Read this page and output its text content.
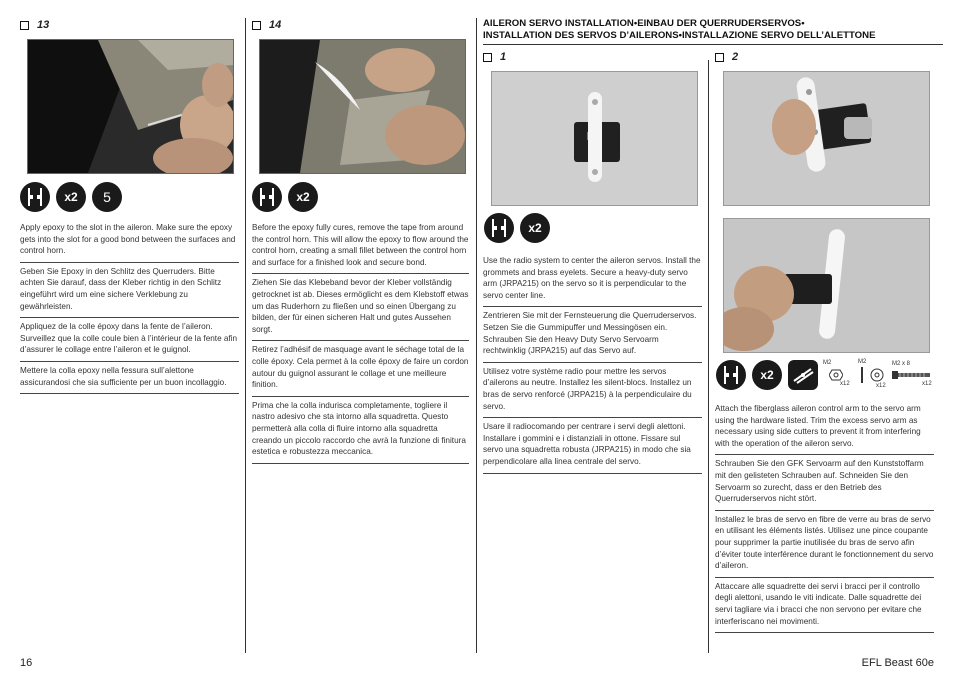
13
x2	5
Apply epoxy to the slot in the aileron. Make sure the epoxy gets into the slot for a good bond between the surfaces and control horn.
Geben Sie Epoxy in den Schlitz des Querruders. Bitte achten Sie darauf, dass der Kleber richtig in den Schlitz eingeführt wird um eine sichere Verklebung zu gewährleisten.
Appliquez de la colle époxy dans la fente de l’aileron. Surveillez que la colle coule bien à l’intérieur de la fente afin d’assurer le collage entre l’aileron et le guignol.
Mettere la colla epoxy nella fessura sull’alettone assicurandosi che sia sufficiente per un buon incollaggio.
14
x2
Before the epoxy fully cures, remove the tape from around the control horn. This will allow the epoxy to flow around the control horn, creating a small fillet between the control horn and surface for a finished look and secure bond.
Ziehen Sie das Klebeband bevor der Kleber vollständig getrocknet ist ab. Dieses ermöglicht es dem Klebstoff etwas um das Ruderhorn zu fließen und so einen Übergang zu bilden, der für einen sicheren Halt und gutes Aussehen sorgt.
Retirez l’adhésif de masquage avant le séchage total de la colle époxy. Cela permet à la colle époxy de faire un cordon autour du guignol assurant le collage et une meilleure finition.
Prima che la colla indurisca completamente, togliere il nastro adesivo che sta intorno alla squadretta. Questo permetterà alla colla di fluire intorno alla squadretta creando un piccolo raccordo che avrà la funzione di finitura estetica e robustezza meccanica.
AILERON SERVO INSTALLATION•EINBAU DER QUERRUDERSERVOS•
INSTALLATION DES SERVOS D’AILERONS•INSTALLAZIONE SERVO DELL’ALETTONE
1
x2
Use the radio system to center the aileron servos. Install the grommets and brass eyelets. Secure a heavy-duty servo arm (JRPA215) on the servo so it is perpendicular to the servo center line.
Zentrieren Sie mit der Fernsteuerung die Querruderservos. Setzen Sie die Gummipuffer und Messingösen ein. Schrauben Sie den Heavy Duty Servo Servoarm rechtwinklig (JRPA215) auf das Servo auf.
Utilisez votre système radio pour mettre les servos d’ailerons au neutre. Installez les silent-blocs. Installez un bras de servo renforcé (JRPA215) à la perpendiculaire du servo.
Usare il radiocomando per centrare i servi degli alettoni. Installare i gommini e i distanziali in ottone. Fissare sul servo una squadretta robusta (JRPA215) in modo che sia perpendicolare alla linea centrale del servo.
2
x2
M2
x12
M2
x12
M2 x 8
x12
Attach the fiberglass aileron control arm to the servo arm using the hardware listed. Trim the excess servo arm as necessary using side cutters to prevent it from interfering with the operation of the aileron servo.
Schrauben Sie den GFK Servoarm auf den Kunststoffarm mit den gelisteten Schrauben auf. Schneiden Sie den Servoarm so zurecht, dass er den Betrieb des Querruderservos nicht stört.
Installez le bras de servo en fibre de verre au bras de servo en utilisant les éléments listés. Utilisez une pince coupante pour supprimer la partie inutilisée du bras de servo afin d’éviter toute interférence durant le fonctionnement du servo d’aileron.
Attaccare alle squadrette dei servi i bracci per il controllo degli alettoni, usando le viti indicate. Dalle squadrette dei servi tagliare via i bracci che non servono per evitare che interferiscano nei movimenti.
16	EFL Beast 60e
